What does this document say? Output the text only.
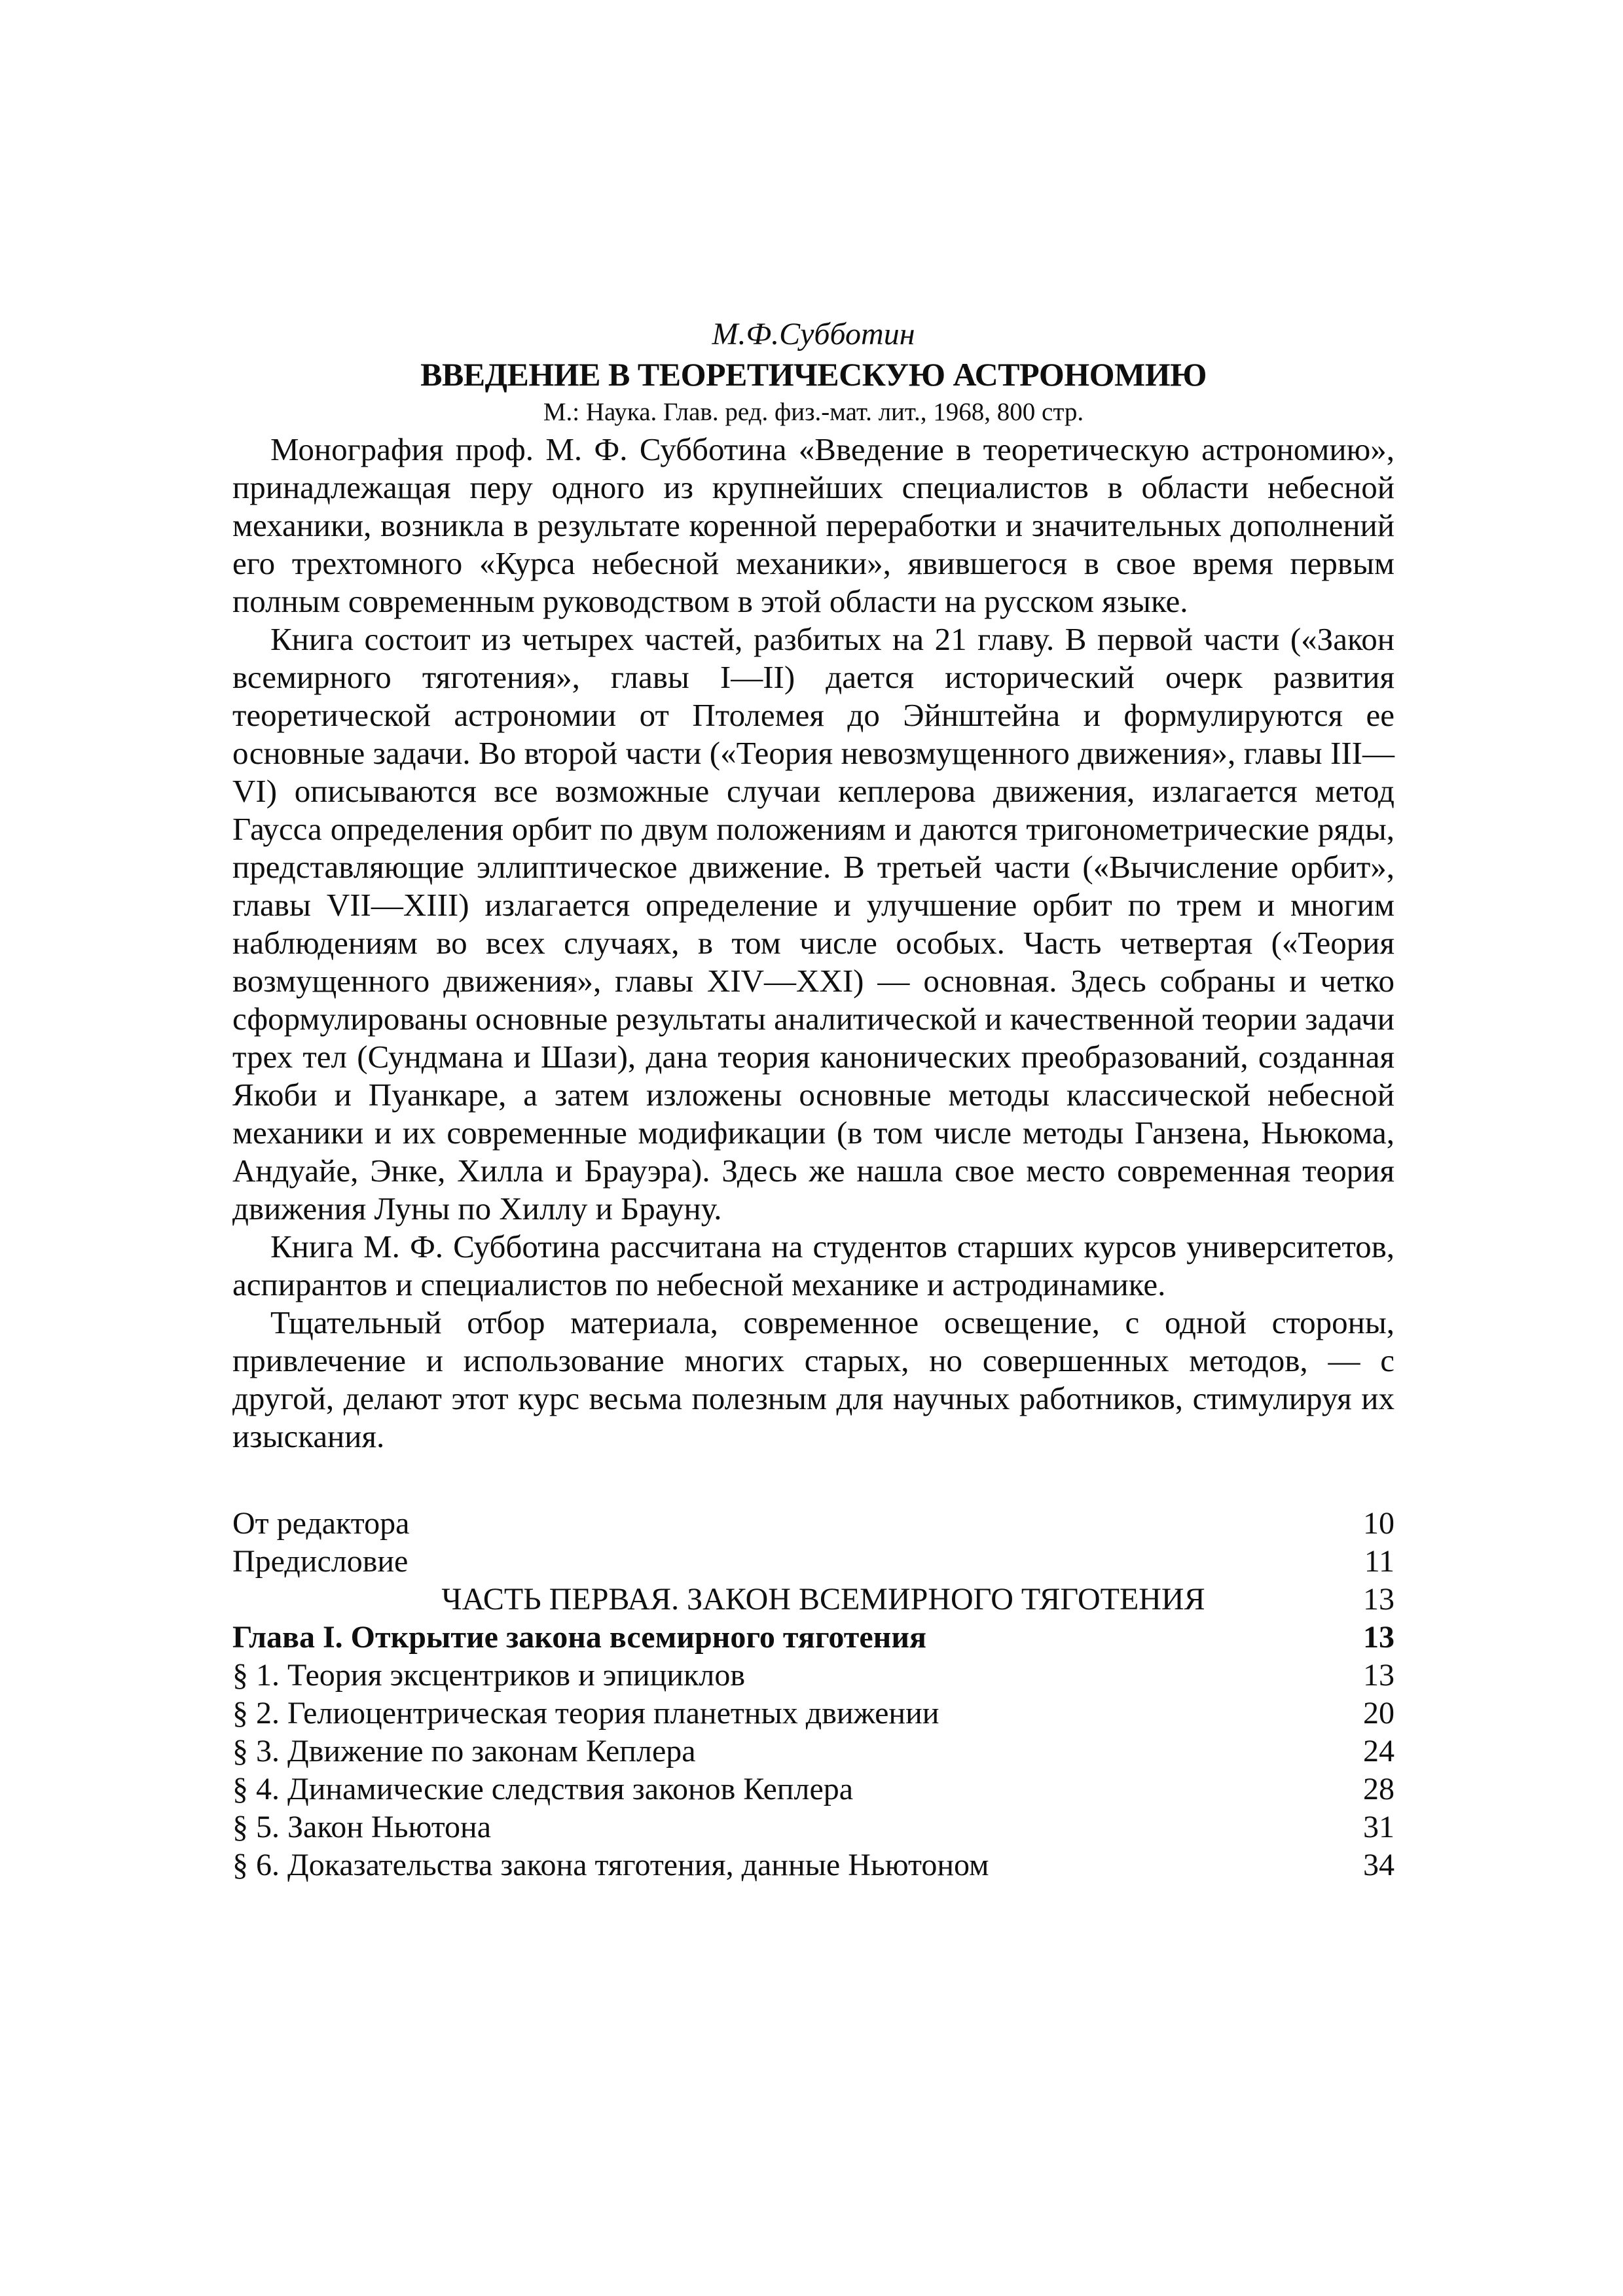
М.Ф.Субботин
ВВЕДЕНИЕ В ТЕОРЕТИЧЕСКУЮ АСТРОНОМИЮ
М.: Наука. Глав. ред. физ.-мат. лит., 1968, 800 стр.

Монография проф. М. Ф. Субботина «Введение в теоретическую астрономию», принадлежащая перу одного из крупнейших специалистов в области небесной механики, возникла в результате коренной переработки и значительных дополнений его трехтомного «Курса небесной механики», явившегося в свое время первым полным современным руководством в этой области на русском языке.

Книга состоит из четырех частей, разбитых на 21 главу. В первой части («Закон всемирного тяготения», главы I—II) дается исторический очерк развития теоретической астрономии от Птолемея до Эйнштейна и формулируются ее основные задачи. Во второй части («Теория невозмущенного движения», главы III—VI) описываются все возможные случаи кеплерова движения, излагается метод Гаусса определения орбит по двум положениям и даются тригонометрические ряды, представляющие эллиптическое движение. В третьей части («Вычисление орбит», главы VII—XIII) излагается определение и улучшение орбит по трем и многим наблюдениям во всех случаях, в том числе особых. Часть четвертая («Теория возмущенного движения», главы XIV—XXI) — основная. Здесь собраны и четко сформулированы основные результаты аналитической и качественной теории задачи трех тел (Сундмана и Шази), дана теория канонических преобразований, созданная Якоби и Пуанкаре, а затем изложены основные методы классической небесной механики и их современные модификации (в том числе методы Ганзена, Ньюкома, Андуайе, Энке, Хилла и Брауэра). Здесь же нашла свое место современная теория движения Луны по Хиллу и Брауну.

Книга М. Ф. Субботина рассчитана на студентов старших курсов университетов, аспирантов и специалистов по небесной механике и астродинамике.

Тщательный отбор материала, современное освещение, с одной стороны, привлечение и использование многих старых, но совершенных методов, — с другой, делают этот курс весьма полезным для научных работников, стимулируя их изыскания.

От редактора	10
Предисловие	11
ЧАСТЬ ПЕРВАЯ. ЗАКОН ВСЕМИРНОГО ТЯГОТЕНИЯ	13
Глава I. Открытие закона всемирного тяготения	13
§ 1. Теория эксцентриков и эпициклов	13
§ 2. Гелиоцентрическая теория планетных движении	20
§ 3. Движение по законам Кеплера	24
§ 4. Динамические следствия законов Кеплера	28
§ 5. Закон Ньютона	31
§ 6. Доказательства закона тяготения, данные Ньютоном	34
